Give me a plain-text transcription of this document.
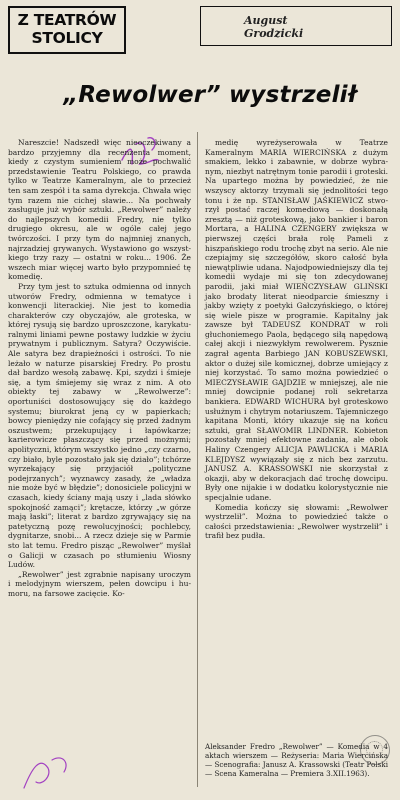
Z TEATRÓW
STOLICY
August
Grodzicki
„Rewolwer” wystrzelił

Nareszcie! Nadszedł więc nieoczekiwany a bardzo przyjemny dla recenzenta moment, kiedy z czystym sumieniem może pochwalić przedstawienie Teatru Polskiego, co prawda tylko w Teatrze Kameralnym, ale to przecież ten sam zespół i ta sama dyrekcja. Chwała więc tym razem nie cichej sławie... Na pochwały zasługuje już wybór sztuki. „Rewolwer” należy do najlepszych komedii Fredry, nie tylko drugiego okresu, ale w ogóle całej jego twórczości. I przy tym do najmniej znanych, najrzadziej grywanych. Wystawiono go wszystkiego trzy razy — ostatni w roku... 1906. Że wszech miar więcej warto było przypomnieć tę komedię.

Przy tym jest to sztuka odmienna od innych utworów Fredry, odmienna w tematyce i konwencji literackiej. Nie jest to komedia charakterów czy obyczajów, ale groteska, w której rysują się bardzo uproszczone, karykaturalnymi liniami pewne postawy ludzkie w życiu prywatnym i publicznym. Satyra? Oczywiście. Ale satyra bez drapieżności i ostrości. To nie leżało w naturze pisarskiej Fredry. Po prostu dał bardzo wesołą zabawę. Kpi, szydzi i śmieje się, a tym śmiejemy się wraz z nim. A oto obiekty tej zabawy w „Rewolwerze”: oportuniści dostosowujący się do każdego systemu; biurokrat jeną cy w papierkach; bowcy pieniędzy nie cofający się przed żadnym oszustwem; przekupujący i łapówkarze; karierowicze płaszczący się przed możnymi; apolityczni, którym wszystko jedno „czy czarno, czy biało, byle pozostało jak się działo”; tchórze wyrzekający się przyjaciół „polityczne podejrzanych”; wyznawcy zasady, że „władza nie może być w błędzie”; donosiciele policyjni w czasach, kiedy ściany mają uszy i „lada słówko spokojność zamąci”; krętacze, którzy „w górze mają łaski”; literat z bardzo zgrywający się na patetyczną pozę rewolucyjności; pochlebcy, dygnitarze, snobi... A rzecz dzieje się w Parmie sto lat temu. Fredro pisząc „Rewolwer” myślał o Galicji w czasach po stłumieniu Wiosny Ludów.

„Rewolwer” jest zgrabnie napisany uroczym i melodyjnym wierszem, pełen dowcipu i humoru, na farsowe zacięcie. Ko-

medię wyreżyserowała w Teatrze Kameralnym MARIA WIERCIŃSKA z dużym smakiem, lekko i zabawnie, w dobrze wybranym, niezbyt natrętnym tonie parodii i groteski. Na upartego można by powiedzieć, że nie wszyscy aktorzy trzymali się jednolitości tego tonu i że np. STANISŁAW JAŚKIEWICZ stworzył postać raczej komediową — doskonałą zresztą — niż groteskową, jako bankier i baron Mortara, a HALINA CZENGERY zwiększa w pierwszej części brała rolę Pameli z hiszpańskiego rodu trochę zbyt na serio. Ale nie czepiajmy się szczegółów, skoro całość była niewątpliwie udana. Najodpowiedniejszy dla tej komedii wydaje mi się ton zdecydowanej parodii, jaki miał WIEŃCZYSŁAW GLIŃSKI jako brodaty literat nieodparcie śmieszny i jakby wzięty z poetyki Gałczyńskiego, o której się wiele pisze w programie. Kapitalny jak zawsze był TADEUSZ KONDRAT w roli głuchoniemego Paola, będącego siłą napędową całej akcji i niezwykłym rewolwerem. Pysznie zagrał agenta Barbiego JAN KOBUSZEWSKI, aktor o dużej sile komicznej, dobrze umiejący z niej korzystać. To samo można powiedzieć o MIECZYSŁAWIE GAJDZIE w mniejszej, ale nie mniej dowcipnie podanej roli sekretarza bankiera. EDWARD WICHURA był groteskowo usłużnym i chytrym notariuszem. Tajemniczego kapitana Monti, który ukazuje się na końcu sztuki, grał SŁAWOMIR LINDNER. Kobieton pozostały mniej efektowne zadania, ale obok Haliny Czengery ALICJA PAWLICKA i MARIA KLEJDYSZ wywiązały się z nich bez zarzutu. JANUSZ A. KRASSOWSKI nie skorzystał z okazji, aby w dekoracjach dać trochę dowcipu. Były one nijakie i w dodatku kolorystycznie nie specjalnie udane.

Komedia kończy się słowami: „Rewolwer wystrzelił”. Można to powiedzieć także o całości przedstawienia: „Rewolwer wystrzelił” i trafił bez pudła.

Aleksander Fredro „Rewolwer” — Komedia w 4 aktach wierszem — Reżyseria: Maria Wiercińska — Scenografia: Janusz A. Krassowski (Teatr Polski — Scena Kameralna — Premiera 3.XII.1963).
